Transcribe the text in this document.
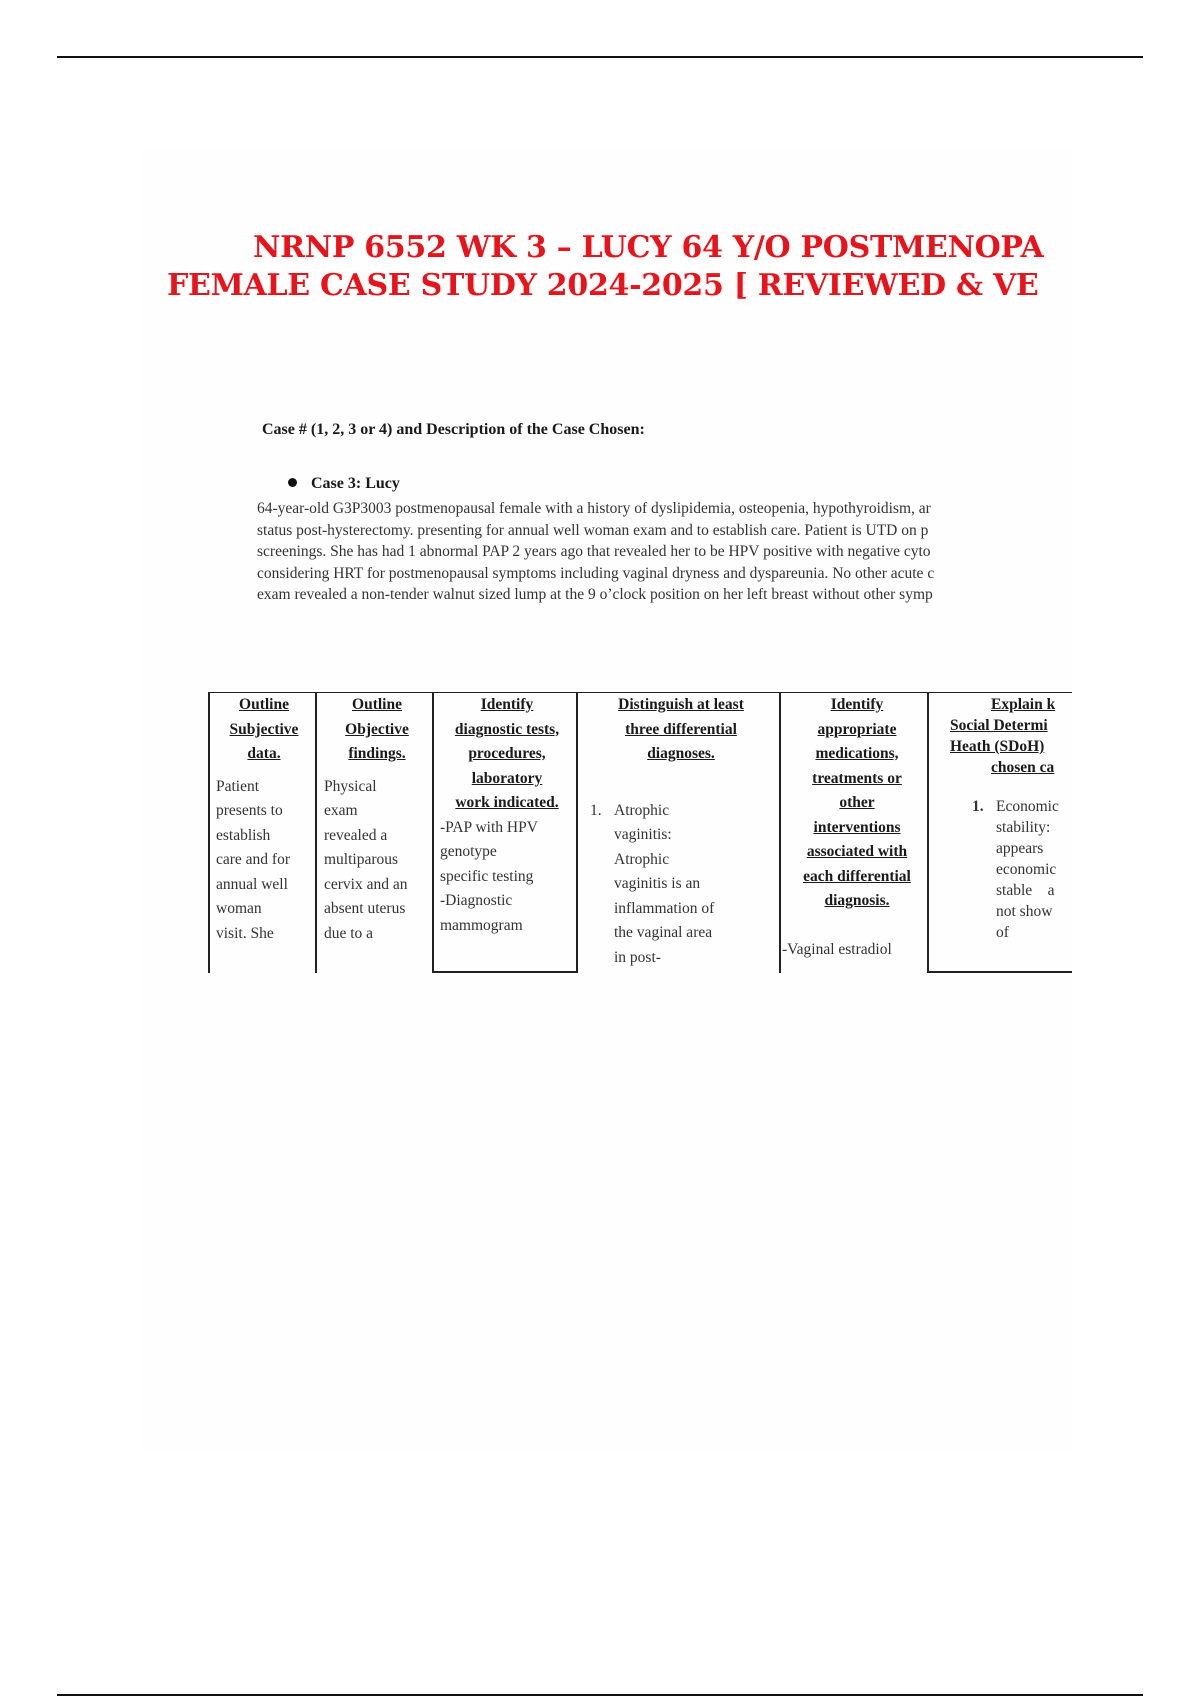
NRNP 6552 WK 3 – LUCY 64 Y/O POSTMENOPA
FEMALE CASE STUDY 2024-2025 [ REVIEWED & VE
Case # (1, 2, 3 or 4) and Description of the Case Chosen:
Case 3: Lucy
64-year-old G3P3003 postmenopausal female with a history of dyslipidemia, osteopenia, hypothyroidism, ar
status post-hysterectomy. presenting for annual well woman exam and to establish care. Patient is UTD on p
screenings. She has had 1 abnormal PAP 2 years ago that revealed her to be HPV positive with negative cyto
considering HRT for postmenopausal symptoms including vaginal dryness and dyspareunia. No other acute c
exam revealed a non-tender walnut sized lump at the 9 o’clock position on her left breast without other symp
Outline
Subjective
data.
Patient
presents to
establish
care and for
annual well
woman
visit. She
Outline
Objective
findings.
Physical
exam
revealed a
multiparous
cervix and an
absent uterus
due to a
Identify
diagnostic tests,
procedures,
laboratory
work indicated.
-PAP with HPV
genotype
specific testing
-Diagnostic
mammogram
Distinguish at least
three differential
diagnoses.
1. Atrophic
vaginitis:
Atrophic
vaginitis is an
inflammation of
the vaginal area
in post-
Identify
appropriate
medications,
treatments or
other
interventions
associated with
each differential
diagnosis.
-Vaginal estradiol
Explain k
Social Determi
Heath (SDoH)
chosen ca
1. Economic
stability:
appears
economic
stable    a
not show
of
